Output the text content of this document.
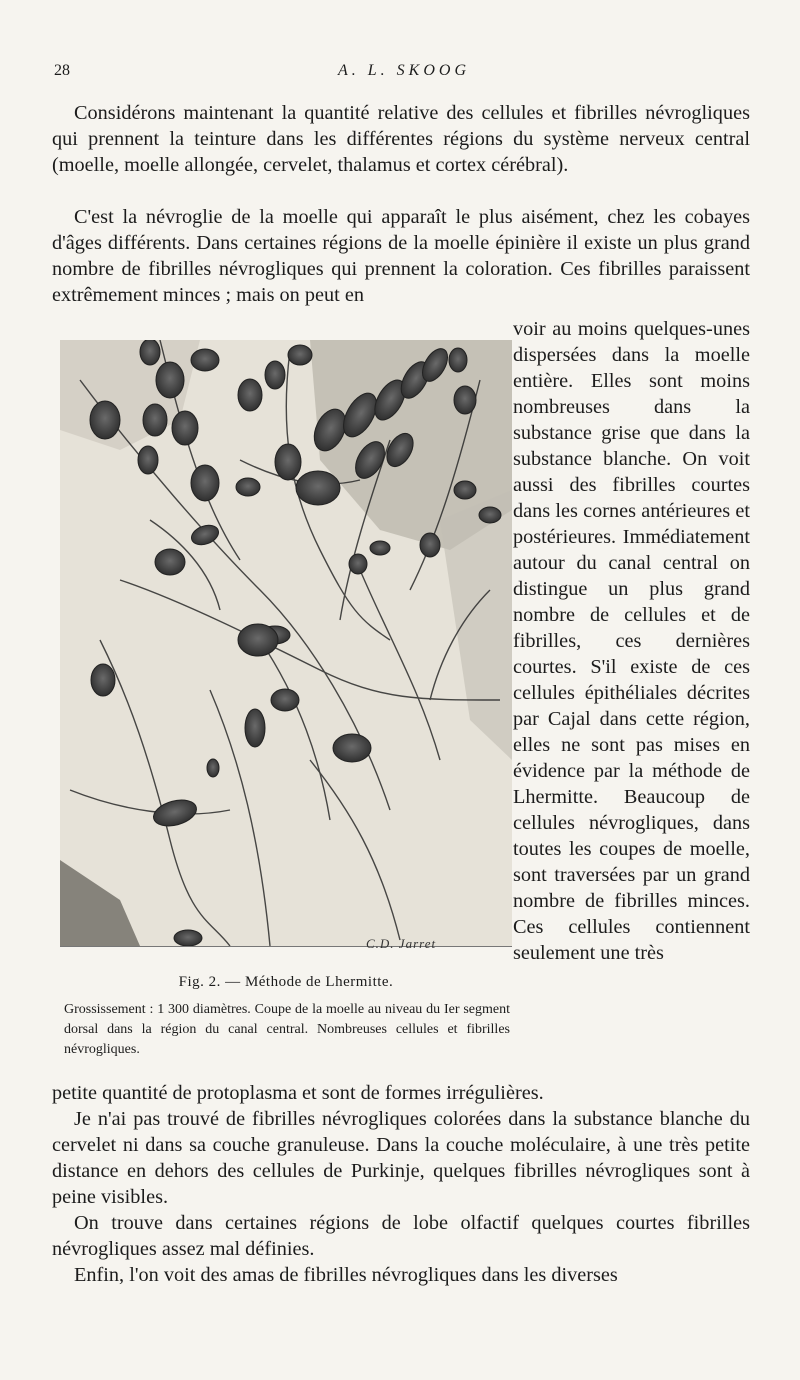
28	A. L. SKOOG

Considérons maintenant la quantité relative des cellules et fibrilles névrogliques qui prennent la teinture dans les différentes régions du système nerveux central (moelle, moelle allongée, cervelet, thalamus et cortex cérébral).

C'est la névroglie de la moelle qui apparaît le plus aisément, chez les cobayes d'âges différents. Dans certaines régions de la moelle épinière il existe un plus grand nombre de fibrilles névrogliques qui prennent la coloration. Ces fibrilles paraissent extrêmement minces ; mais on peut en

voir au moins quelques-unes dispersées dans la moelle entière. Elles sont moins nombreuses dans la substance grise que dans la substance blanche. On voit aussi des fibrilles courtes dans les cornes antérieures et postérieures. Immédiatement autour du canal central on distingue un plus grand nombre de cellules et de fibrilles, ces dernières courtes. S'il existe de ces cellules épithéliales décrites par Cajal dans cette région, elles ne sont pas mises en évidence par la méthode de Lhermitte. Beaucoup de cellules névrogliques, dans toutes les coupes de moelle, sont traversées par un grand nombre de fibrilles minces. Ces cellules contiennent seulement une très

C.D. Jarret
Fig. 2. — Méthode de Lhermitte.

Grossissement : 1 300 diamètres. Coupe de la moelle au niveau du Ier segment dorsal dans la région du canal central. Nombreuses cellules et fibrilles névrogliques.

petite quantité de protoplasma et sont de formes irrégulières.

Je n'ai pas trouvé de fibrilles névrogliques colorées dans la substance blanche du cervelet ni dans sa couche granuleuse. Dans la couche moléculaire, à une très petite distance en dehors des cellules de Purkinje, quelques fibrilles névrogliques sont à peine visibles.

On trouve dans certaines régions de lobe olfactif quelques courtes fibrilles névrogliques assez mal définies.

Enfin, l'on voit des amas de fibrilles névrogliques dans les diverses
